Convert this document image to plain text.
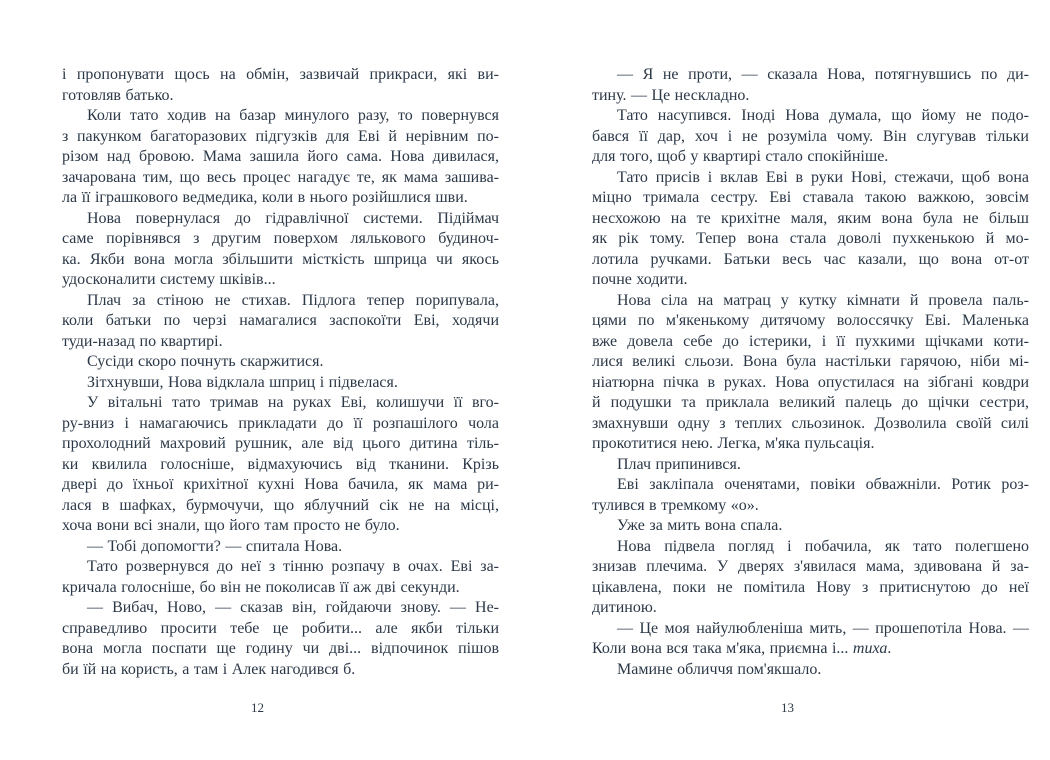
і пропонувати щось на обмін, зазвичай прикраси, які ви-
готовляв батько.
Коли тато ходив на базар минулого разу, то повернувся
з пакунком багаторазових підгузків для Еві й нерівним по-
різом над бровою. Мама зашила його сама. Нова дивилася,
зачарована тим, що весь процес нагадує те, як мама зашива-
ла її іграшкового ведмедика, коли в нього розійшлися шви.
Нова повернулася до гідравлічної системи. Підіймач
саме порівнявся з другим поверхом лялькового будиноч-
ка. Якби вона могла збільшити місткість шприца чи якось
удосконалити систему шківів...
Плач за стіною не стихав. Підлога тепер порипувала,
коли батьки по черзі намагалися заспокоїти Еві, ходячи
туди-назад по квартирі.
Сусіди скоро почнуть скаржитися.
Зітхнувши, Нова відклала шприц і підвелася.
У вітальні тато тримав на руках Еві, колишучи її вго-
ру-вниз і намагаючись прикладати до її розпашілого чола
прохолодний махровий рушник, але від цього дитина тіль-
ки квилила голосніше, відмахуючись від тканини. Крізь
двері до їхньої крихітної кухні Нова бачила, як мама ри-
лася в шафках, бурмочучи, що яблучний сік не на місці,
хоча вони всі знали, що його там просто не було.
— Тобі допомогти? — спитала Нова.
Тато розвернувся до неї з тінню розпачу в очах. Еві за-
кричала голосніше, бо він не поколисав її аж дві секунди.
— Вибач, Ново, — сказав він, гойдаючи знову. — Не-
справедливо просити тебе це робити... але якби тільки
вона могла поспати ще годину чи дві... відпочинок пішов
би їй на користь, а там і Алек нагодився б.
— Я не проти, — сказала Нова, потягнувшись по ди-
тину. — Це нескладно.
Тато насупився. Іноді Нова думала, що йому не подо-
бався її дар, хоч і не розуміла чому. Він слугував тільки
для того, щоб у квартирі стало спокійніше.
Тато присів і вклав Еві в руки Нові, стежачи, щоб вона
міцно тримала сестру. Еві ставала такою важкою, зовсім
несхожою на те крихітне маля, яким вона була не більш
як рік тому. Тепер вона стала доволі пухкенькою й мо-
лотила ручками. Батьки весь час казали, що вона от-от
почне ходити.
Нова сіла на матрац у кутку кімнати й провела паль-
цями по м'якенькому дитячому волоссячку Еві. Маленька
вже довела себе до істерики, і її пухкими щічками коти-
лися великі сльози. Вона була настільки гарячою, ніби мі-
ніатюрна пічка в руках. Нова опустилася на зібгані ковдри
й подушки та приклала великий палець до щічки сестри,
змахнувши одну з теплих сльозинок. Дозволила своїй силі
прокотитися нею. Легка, м'яка пульсація.
Плач припинився.
Еві закліпала оченятами, повіки обважніли. Ротик роз-
тулився в тремкому «о».
Уже за мить вона спала.
Нова підвела погляд і побачила, як тато полегшено
знизав плечима. У дверях з'явилася мама, здивована й за-
цікавлена, поки не помітила Нову з притиснутою до неї
дитиною.
— Це моя найулюбленіша мить, — прошепотіла Нова. —
Коли вона вся така м'яка, приємна і... тиха.
Мамине обличчя пом'якшало.
12	13
